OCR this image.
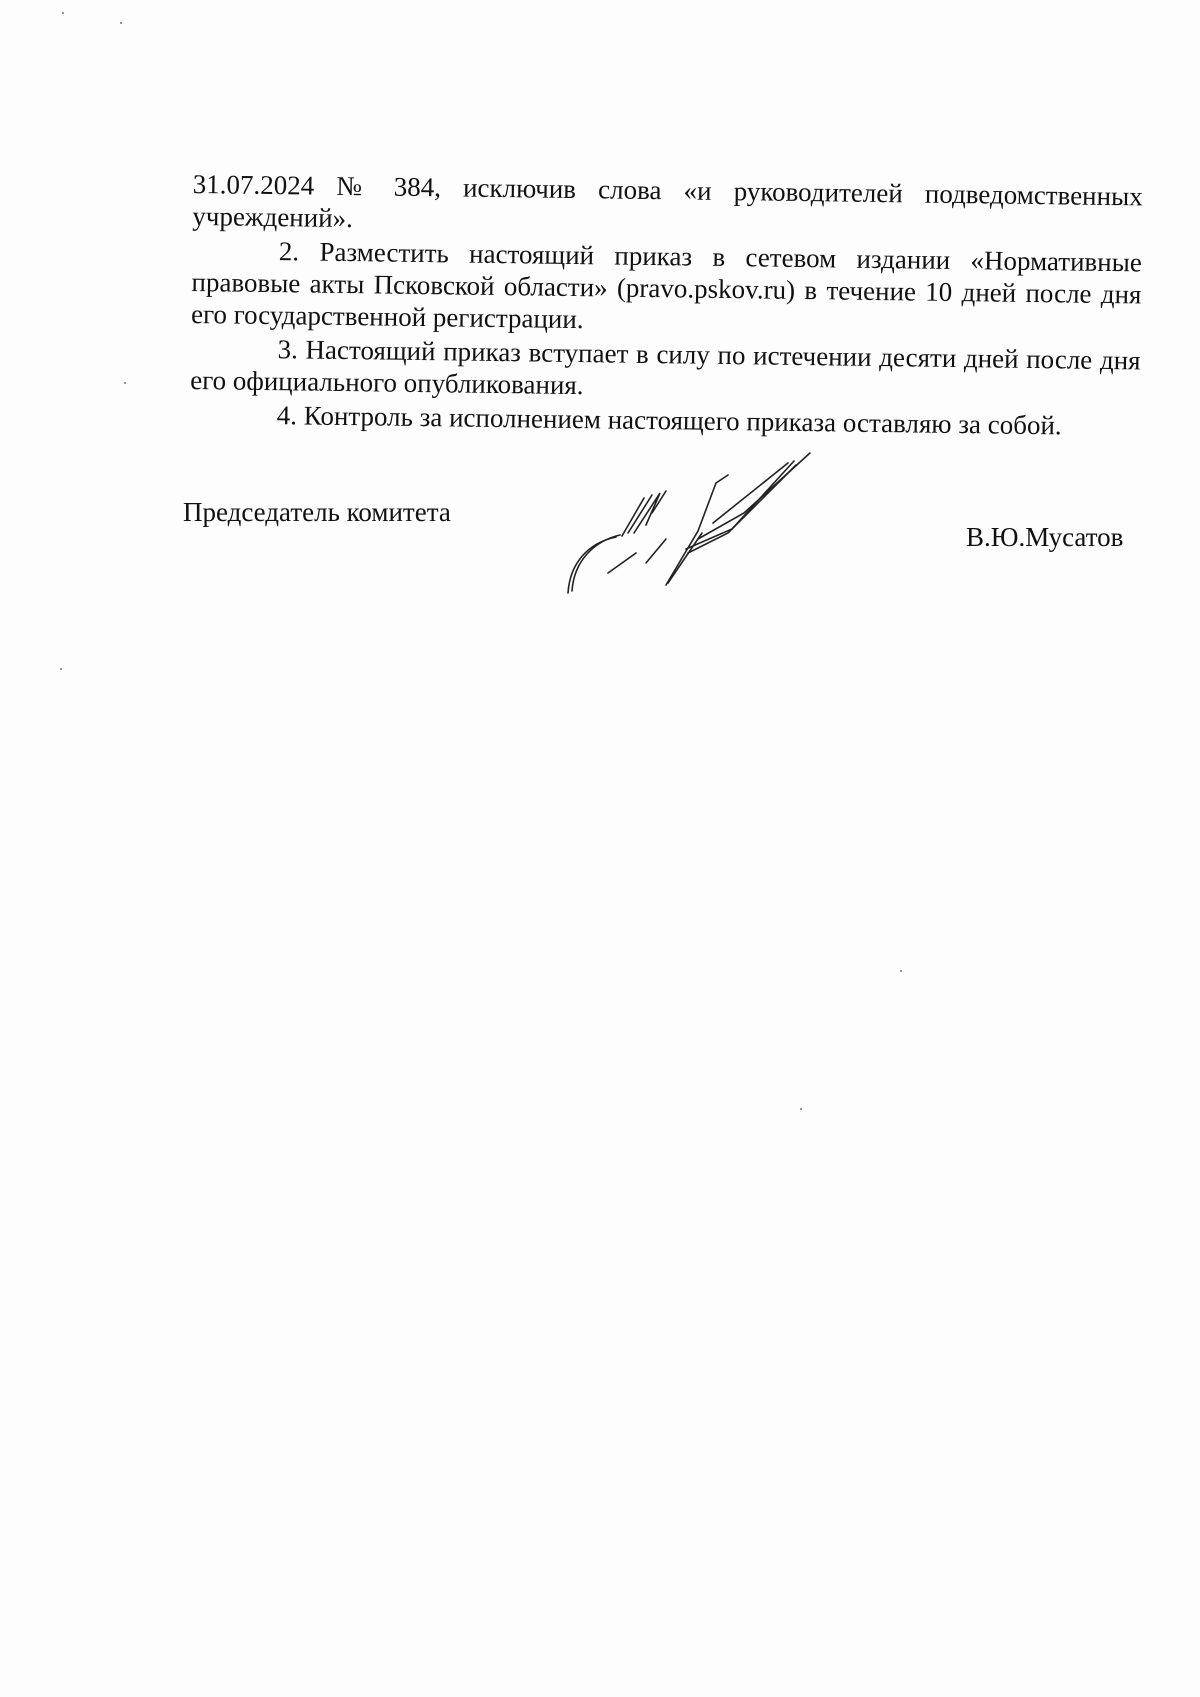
31.07.2024 № 384, исключив слова «и руководителей подведомственных учреждений».

2. Разместить настоящий приказ в сетевом издании «Нормативные правовые акты Псковской области» (pravo.pskov.ru) в течение 10 дней после дня его государственной регистрации.

3. Настоящий приказ вступает в силу по истечении десяти дней после дня его официального опубликования.

4. Контроль за исполнением настоящего приказа оставляю за собой.

Председатель комитета
В.Ю.Мусатов
